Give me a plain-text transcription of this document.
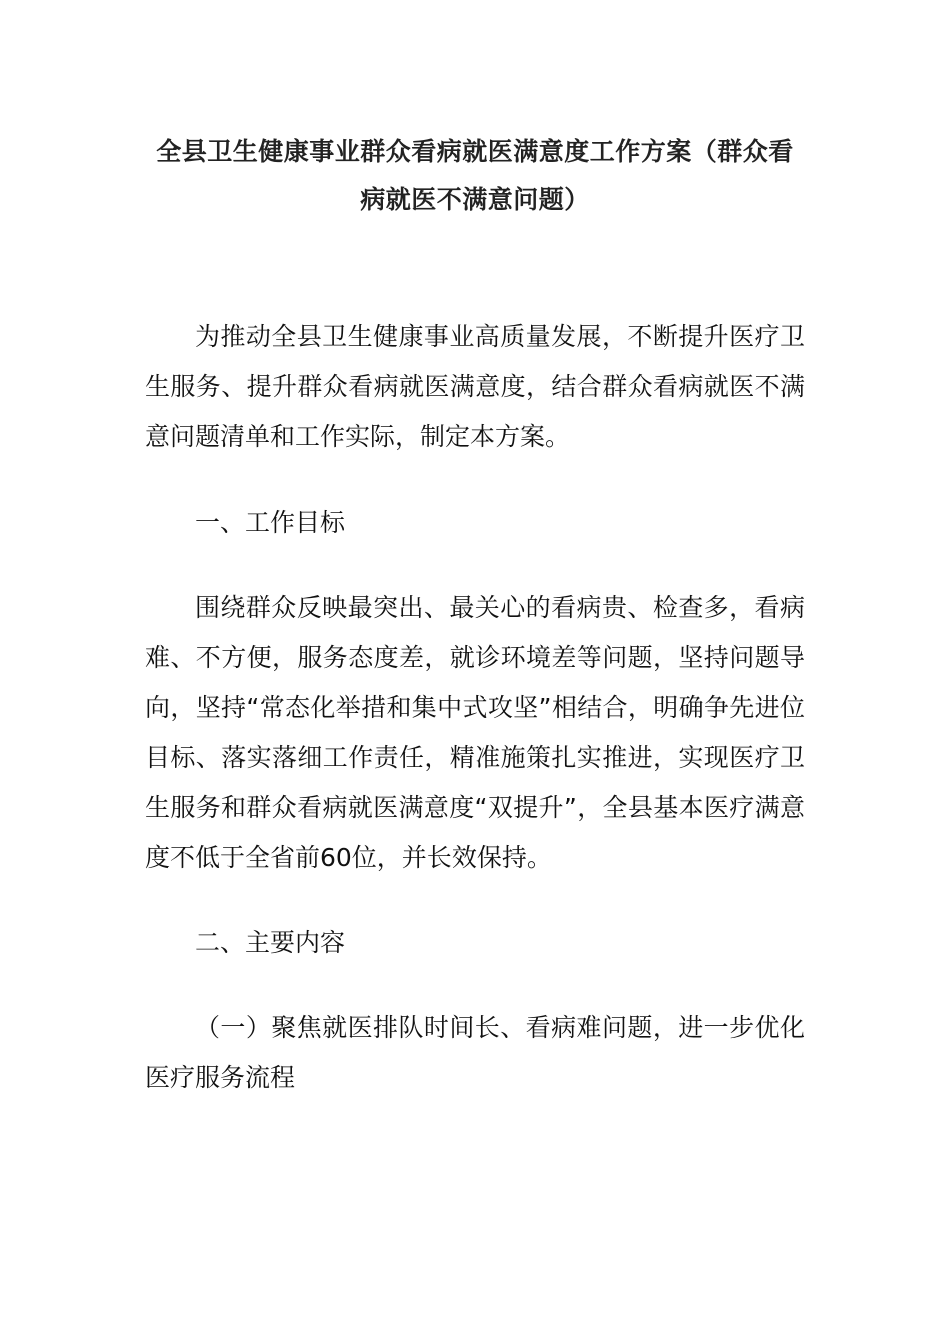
全县卫生健康事业群众看病就医满意度工作方案（群众看病就医不满意问题）

为推动全县卫生健康事业高质量发展，不断提升医疗卫生服务、提升群众看病就医满意度，结合群众看病就医不满意问题清单和工作实际，制定本方案。

一、工作目标

围绕群众反映最突出、最关心的看病贵、检查多，看病难、不方便，服务态度差，就诊环境差等问题，坚持问题导向，坚持“常态化举措和集中式攻坚”相结合，明确争先进位目标、落实落细工作责任，精准施策扎实推进，实现医疗卫生服务和群众看病就医满意度“双提升”，全县基本医疗满意度不低于全省前60位，并长效保持。

二、主要内容

（一）聚焦就医排队时间长、看病难问题，进一步优化医疗服务流程
